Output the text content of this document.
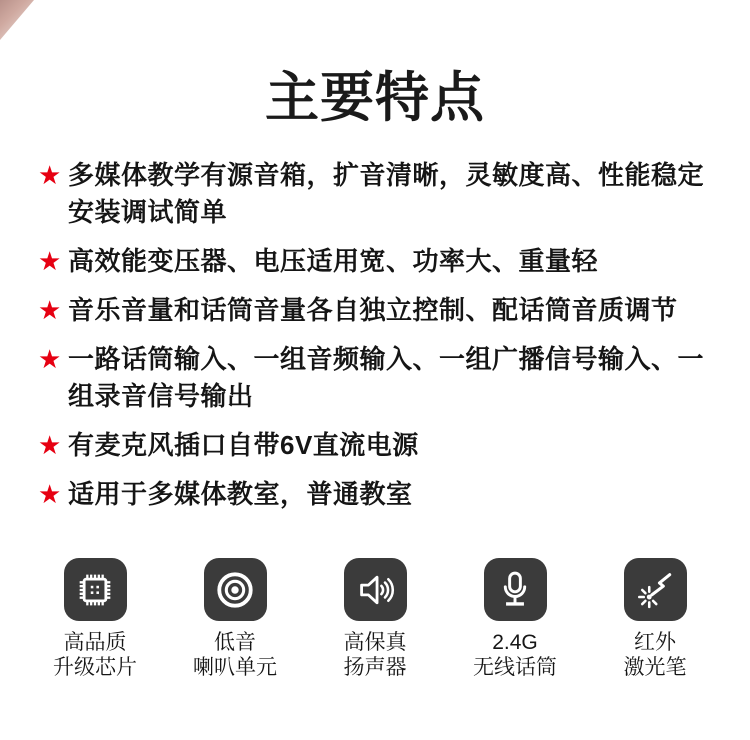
主要特点
★ 多媒体教学有源音箱，扩音清晰，灵敏度高、性能稳定
安装调试简单
★ 高效能变压器、电压适用宽、功率大、重量轻
★ 音乐音量和话筒音量各自独立控制、配话筒音质调节
★ 一路话筒输入、一组音频输入、一组广播信号输入、一
组录音信号输出
★ 有麦克风插口自带6V直流电源
★ 适用于多媒体教室，普通教室
高品质
升级芯片
低音
喇叭单元
高保真
扬声器
2.4G
无线话筒
红外
激光笔
